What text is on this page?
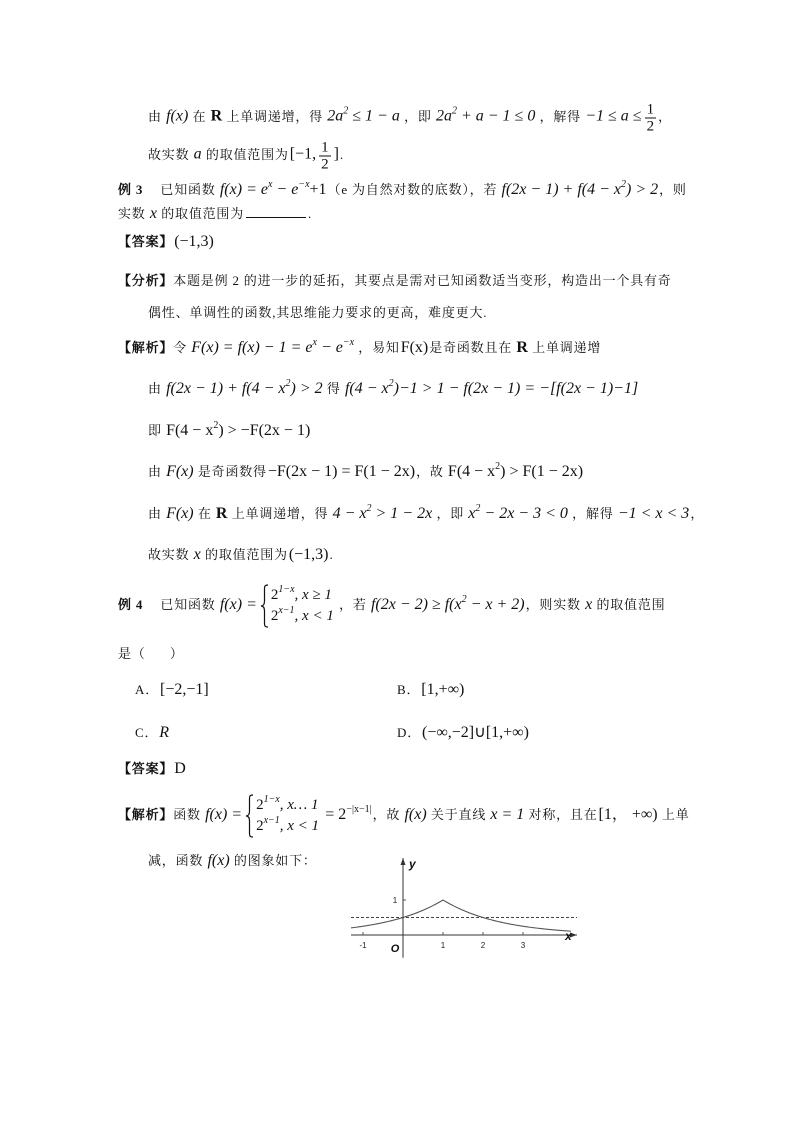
由 f(x) 在 R 上单调递增，得 $2a^2 \le 1 - a$ ，即 $2a^2 + a - 1 \le 0$ ，解得 $-1 \le a \le \frac{1}{2}$ ，
故实数 a 的取值范围为[−1, $\frac{1}{2}$ ].
例 3 已知函数 $f(x) = e^x - e^{-x}+1(e$ 为自然对数的底数），若 $f(2x - 1) + f(4 - x^2) > 2$，则
实数 x 的取值范围为	.
【答案】(−1,3)
【分析】本题是例 2 的进一步的延拓，其要点是需对已知函数适当变形，构造出一个具有奇
偶性、单调性的函数,其思维能力要求的更高，难度更大.
【解析】令 $F(x) = f(x) - 1 = e^x - e^{-x}$ ，易知F(x)是奇函数且在 R 上单调递增
由 $f(2x - 1) + f(4 - x^2) > 2$ 得 $f(4 - x^2)-1 > 1 - f(2x - 1) = -[f(2x - 1)-1]$
即 $F(4 - x^2) > -F(2x - 1)$
由 F(x) 是奇函数得−F(2x − 1) = F(1 − 2x)，故 $F(4 - x^2) > F(1 - 2x)$
由 F(x) 在 R 上单调递增，得 $4 - x^2 > 1 - 2x$ ，即 $x^2 - 2x - 3 < 0$ ，解得 −1 < x < 3，
故实数 x 的取值范围为(−1,3).
例 4 已知函数 f(x) =
$2^{1-x}$, x ≥ 1
$2^{x-1}$, x < 1
，若 $f(2x - 2) \ge f(x^2 - x + 2)$，则实数 x 的取值范围
是（      ）
A．[−2,−1]	B．[1,+∞)
C．R	D．(−∞,−2]∪[1,+∞)
【答案】D
【解析】函数 f(x) =
$2^{1-x}$, x… 1
$2^{x-1}$, x < 1
= $2^{-|x-1|}$，故 f(x) 关于直线 x = 1 对称，且在[1， +∞) 上单
减，函数 f(x) 的图象如下：
-1	1	2	3
1
O
y
x
